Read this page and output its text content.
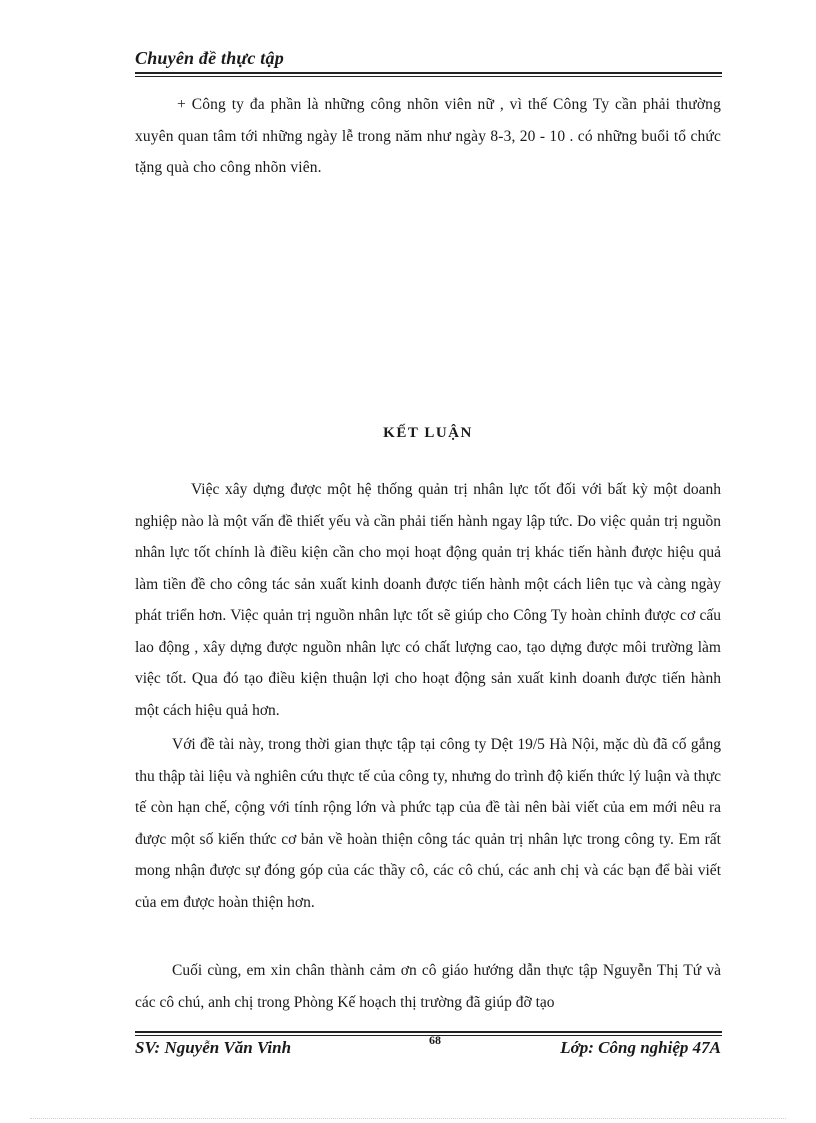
Chuyên đề thực tập

+ Công ty đa phần là những công nhõn viên nữ , vì thế Công Ty cần phải thường xuyên quan tâm tới những ngày lễ trong năm như ngày 8-3, 20 - 10 . có những buổi tổ chức tặng quà cho công nhõn viên.

KẾT LUẬN

Việc xây dựng được một hệ thống quản trị nhân lực tốt đối với bất kỳ một doanh nghiệp nào là một vấn đề thiết yếu và cần phải tiến hành ngay lập tức. Do việc quản trị nguồn nhân lực tốt chính là điều kiện cần cho mọi hoạt động quản trị khác tiến hành được hiệu quả làm tiền đề cho công tác sản xuất kinh doanh được tiến hành một cách liên tục và càng ngày phát triển hơn. Việc quản trị nguồn nhân lực tốt sẽ giúp cho Công Ty hoàn chỉnh được cơ cấu lao động , xây dựng được nguồn nhân lực có chất lượng cao, tạo dựng được môi trường làm việc tốt. Qua đó tạo điều kiện thuận lợi cho hoạt động sản xuất kinh doanh được tiến hành một cách hiệu quả hơn.

Với đề tài này, trong thời gian thực tập tại công ty Dệt 19/5 Hà Nội, mặc dù đã cố gắng thu thập tài liệu và nghiên cứu thực tế của công ty, nhưng do trình độ kiến thức lý luận và thực tế còn hạn chế, cộng với tính rộng lớn và phức tạp của đề tài nên bài viết của em mới nêu ra được một số kiến thức cơ bản về hoàn thiện công tác quản trị nhân lực trong công ty. Em rất mong nhận được sự đóng góp của các thầy cô, các cô chú, các anh chị và các bạn để bài viết của em được hoàn thiện hơn.

Cuối cùng, em xin chân thành cảm ơn cô giáo hướng dẫn thực tập Nguyễn Thị Tứ và các cô chú, anh chị trong Phòng Kế hoạch thị trường đã giúp đỡ tạo

SV: Nguyễn Văn Vinh	68	Lớp: Công nghiệp 47A
